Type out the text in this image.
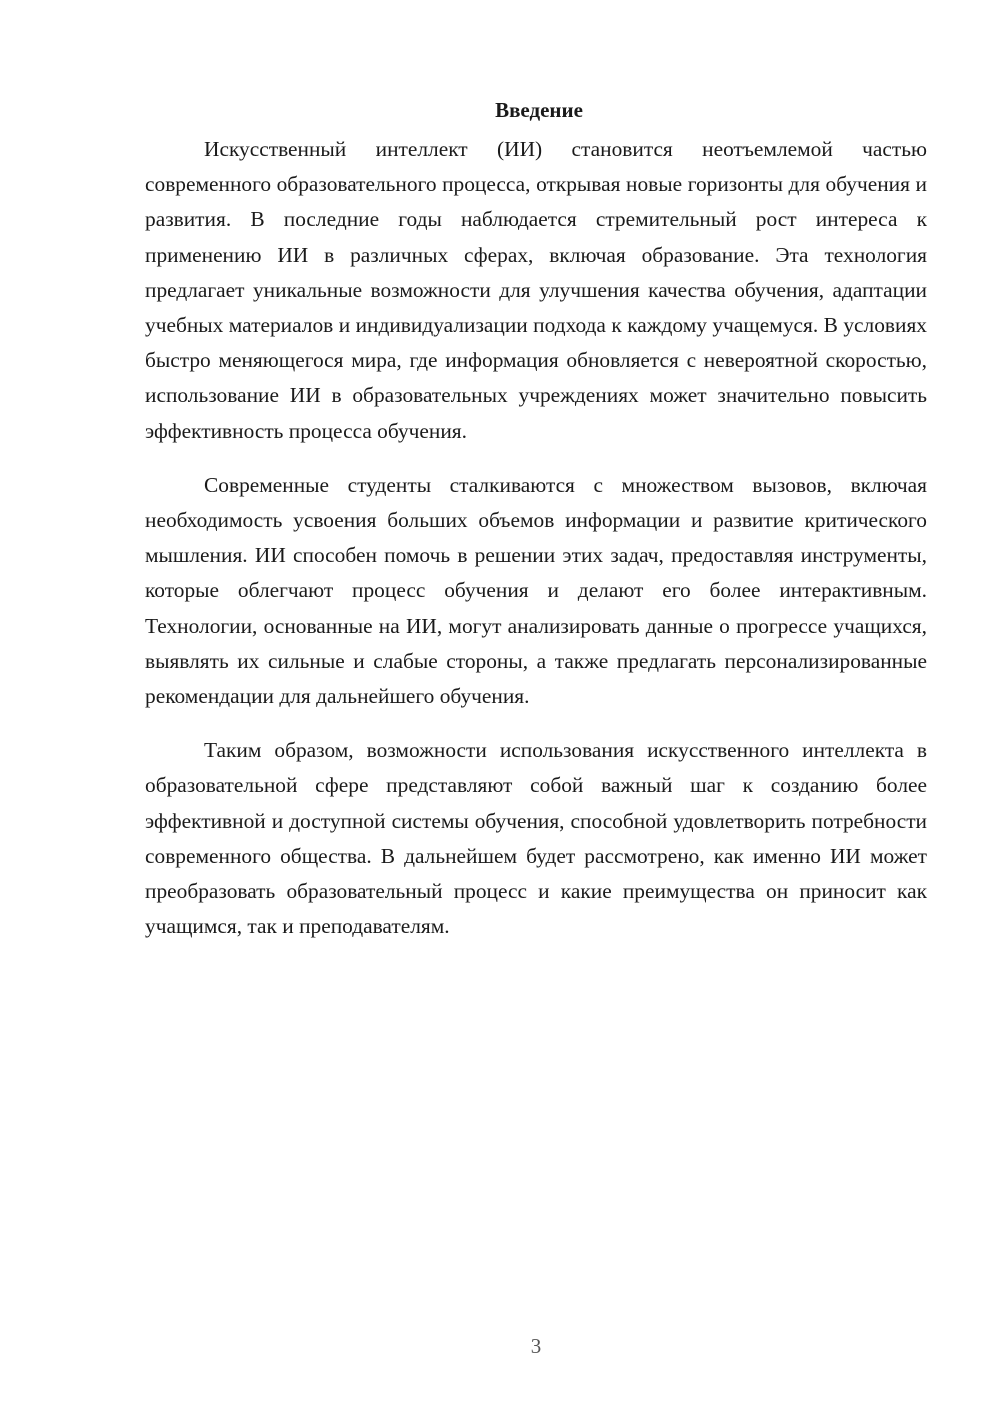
Введение

Искусственный интеллект (ИИ) становится неотъемлемой частью современного образовательного процесса, открывая новые горизонты для обучения и развития. В последние годы наблюдается стремительный рост интереса к применению ИИ в различных сферах, включая образование. Эта технология предлагает уникальные возможности для улучшения качества обучения, адаптации учебных материалов и индивидуализации подхода к каждому учащемуся. В условиях быстро меняющегося мира, где информация обновляется с невероятной скоростью, использование ИИ в образовательных учреждениях может значительно повысить эффективность процесса обучения.

Современные студенты сталкиваются с множеством вызовов, включая необходимость усвоения больших объемов информации и развитие критического мышления. ИИ способен помочь в решении этих задач, предоставляя инструменты, которые облегчают процесс обучения и делают его более интерактивным. Технологии, основанные на ИИ, могут анализировать данные о прогрессе учащихся, выявлять их сильные и слабые стороны, а также предлагать персонализированные рекомендации для дальнейшего обучения.

Таким образом, возможности использования искусственного интеллекта в образовательной сфере представляют собой важный шаг к созданию более эффективной и доступной системы обучения, способной удовлетворить потребности современного общества. В дальнейшем будет рассмотрено, как именно ИИ может преобразовать образовательный процесс и какие преимущества он приносит как учащимся, так и преподавателям.

3
